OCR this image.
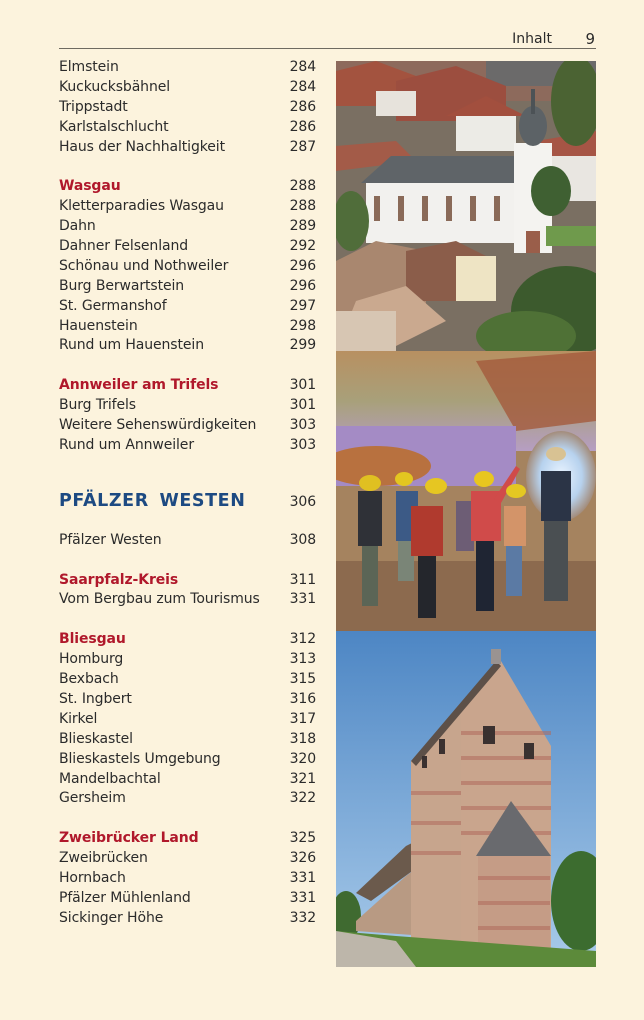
Inhalt 9
Elmstein	284
Kuckucksbähnel	284
Trippstadt	286
Karlstalschlucht	286
Haus der Nachhaltigkeit	287
Wasgau	288
Kletterparadies Wasgau	288
Dahn	289
Dahner Felsenland	292
Schönau und Nothweiler	296
Burg Berwartstein	296
St. Germanshof	297
Hauenstein	298
Rund um Hauenstein	299
Annweiler am Trifels	301
Burg Trifels	301
Weitere Sehenswürdigkeiten 303
Rund um Annweiler	303
PFÄLZER WESTEN	306
Pfälzer Westen	308
Saarpfalz-Kreis	311
Vom Bergbau zum Tourismus 331
Bliesgau	312
Homburg	313
Bexbach	315
St. Ingbert	316
Kirkel	317
Blieskastel	318
Blieskastels Umgebung	320
Mandelbachtal	321
Gersheim	322
Zweibrücker Land	325
Zweibrücken	326
Hornbach	331
Pfälzer Mühlenland	331
Sickinger Höhe	332
